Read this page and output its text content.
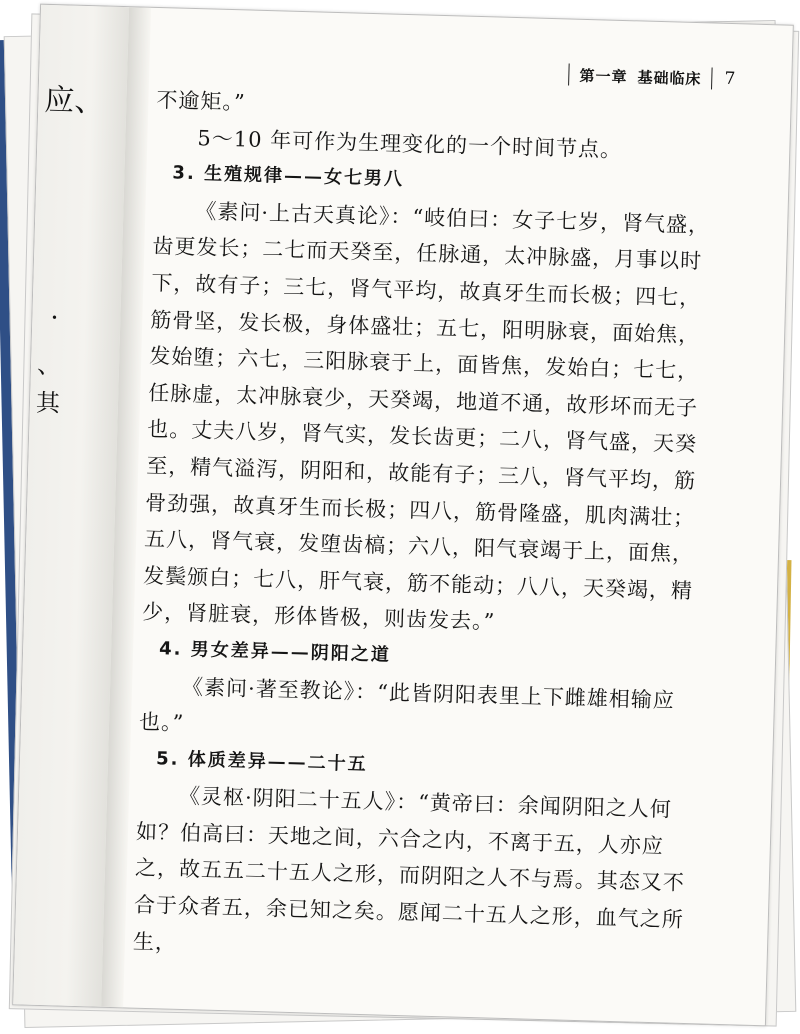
应、
·
、
其
第一章 基础临床 7

不逾矩。”

5～10 年可作为生理变化的一个时间节点。

3. 生殖规律——女七男八

《素问·上古天真论》：“岐伯曰：女子七岁，肾气盛，齿更发长；二七而天癸至，任脉通，太冲脉盛，月事以时下，故有子；三七，肾气平均，故真牙生而长极；四七，筋骨坚，发长极，身体盛壮；五七，阳明脉衰，面始焦，发始堕；六七，三阳脉衰于上，面皆焦，发始白；七七，任脉虚，太冲脉衰少，天癸竭，地道不通，故形坏而无子也。丈夫八岁，肾气实，发长齿更；二八，肾气盛，天癸至，精气溢泻，阴阳和，故能有子；三八，肾气平均，筋骨劲强，故真牙生而长极；四八，筋骨隆盛，肌肉满壮；五八，肾气衰，发堕齿槁；六八，阳气衰竭于上，面焦，发鬓颁白；七八，肝气衰，筋不能动；八八，天癸竭，精少，肾脏衰，形体皆极，则齿发去。”

4. 男女差异——阴阳之道

《素问·著至教论》：“此皆阴阳表里上下雌雄相输应也。”

5. 体质差异——二十五

《灵枢·阴阳二十五人》：“黄帝曰：余闻阴阳之人何如？伯高曰：天地之间，六合之内，不离于五，人亦应之，故五五二十五人之形，而阴阳之人不与焉。其态又不合于众者五，余已知之矣。愿闻二十五人之形，血气之所生，
